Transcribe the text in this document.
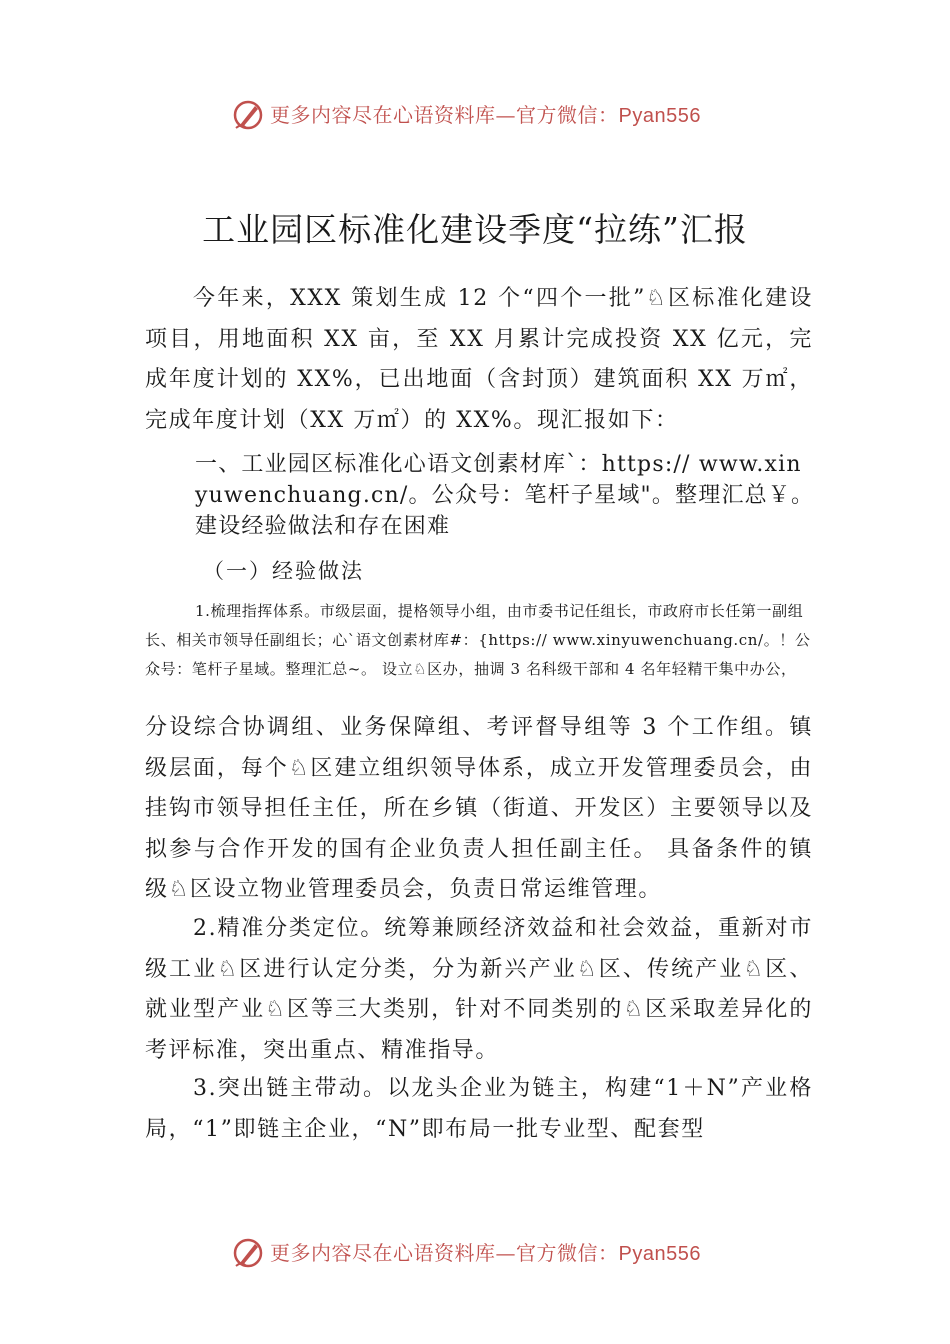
更多内容尽在心语资料库—官方微信：Pyan556
工业园区标准化建设季度“拉练”汇报

今年来，XXX 策划生成 12 个“四个一批”♘区标准化建设项目，用地面积 XX 亩，至 XX 月累计完成投资 XX 亿元，完成年度计划的 XX%，已出地面（含封顶）建筑面积 XX 万㎡，完成年度计划（XX 万㎡）的 XX%。现汇报如下：

一、工业园区标准化心语文创素材库`：https:// www.xinyuwenchuang.cn/。公众号：笔杆子星域"。整理汇总￥。建设经验做法和存在困难

（一）经验做法

1.梳理指挥体系。市级层面，提格领导小组，由市委书记任组长，市政府市长任第一副组长、相关市领导任副组长；心`语文创素材库#：{https:// www.xinyuwenchuang.cn/。！公众号：笔杆子星域。整理汇总~。 设立♘区办，抽调 3 名科级干部和 4 名年轻精干集中办公，

分设综合协调组、业务保障组、考评督导组等 3 个工作组。镇级层面，每个♘区建立组织领导体系，成立开发管理委员会，由挂钩市领导担任主任，所在乡镇（街道、开发区）主要领导以及拟参与合作开发的国有企业负责人担任副主任。 具备条件的镇级♘区设立物业管理委员会，负责日常运维管理。

2.精准分类定位。统筹兼顾经济效益和社会效益，重新对市级工业♘区进行认定分类，分为新兴产业♘区、传统产业♘区、就业型产业♘区等三大类别，针对不同类别的♘区采取差异化的考评标准，突出重点、精准指导。

3.突出链主带动。以龙头企业为链主，构建“1＋N”产业格局，“1”即链主企业，“N”即布局一批专业型、配套型

更多内容尽在心语资料库—官方微信：Pyan556
